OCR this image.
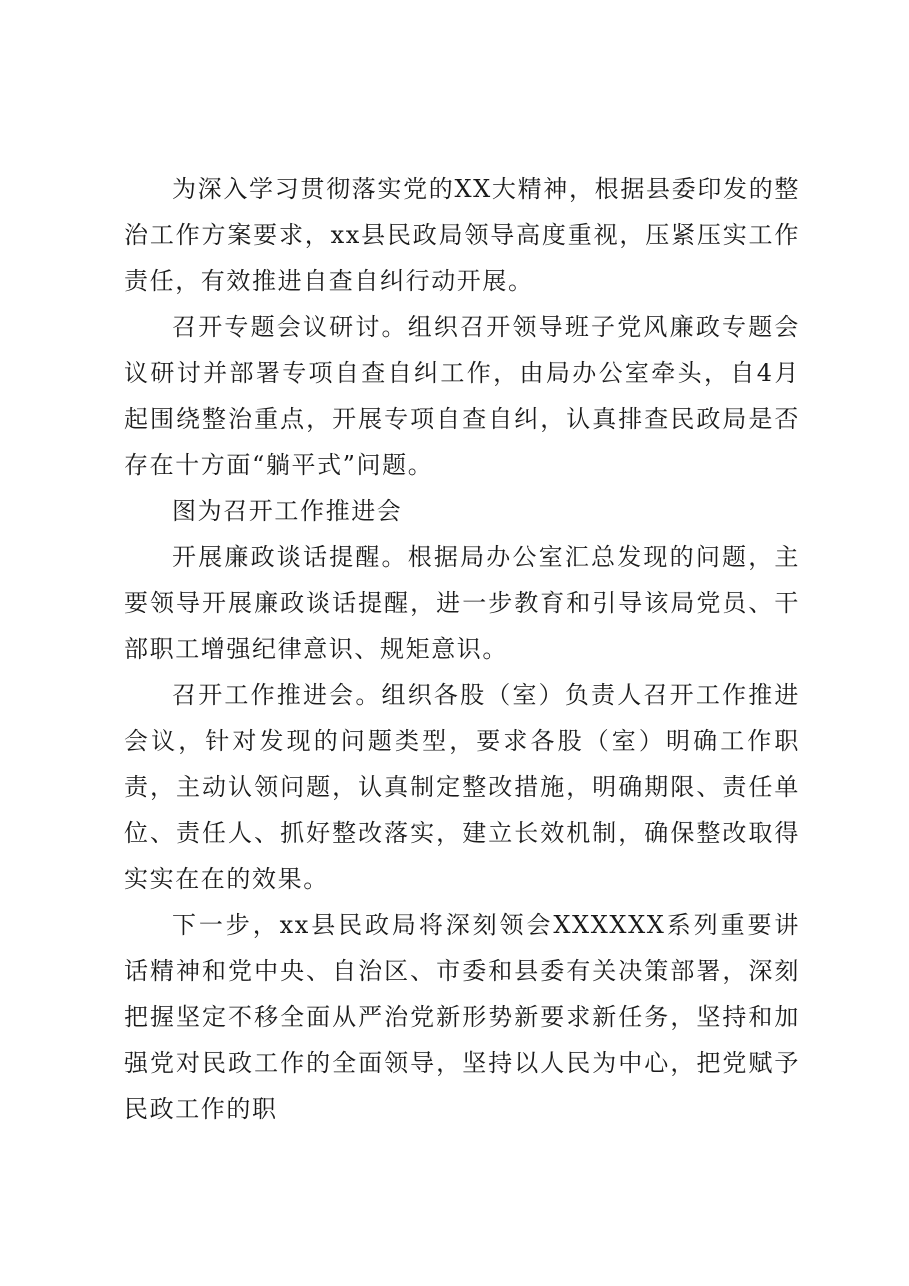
为深入学习贯彻落实党的XX大精神，根据县委印发的整治工作方案要求，xx县民政局领导高度重视，压紧压实工作责任，有效推进自查自纠行动开展。

召开专题会议研讨。组织召开领导班子党风廉政专题会议研讨并部署专项自查自纠工作，由局办公室牵头，自4月起围绕整治重点，开展专项自查自纠，认真排查民政局是否存在十方面“躺平式”问题。

图为召开工作推进会

开展廉政谈话提醒。根据局办公室汇总发现的问题，主要领导开展廉政谈话提醒，进一步教育和引导该局党员、干部职工增强纪律意识、规矩意识。

召开工作推进会。组织各股（室）负责人召开工作推进会议，针对发现的问题类型，要求各股（室）明确工作职责，主动认领问题，认真制定整改措施，明确期限、责任单位、责任人、抓好整改落实，建立长效机制，确保整改取得实实在在的效果。

下一步，xx县民政局将深刻领会XXXXXX系列重要讲话精神和党中央、自治区、市委和县委有关决策部署，深刻把握坚定不移全面从严治党新形势新要求新任务，坚持和加强党对民政工作的全面领导，坚持以人民为中心，把党赋予民政工作的职
